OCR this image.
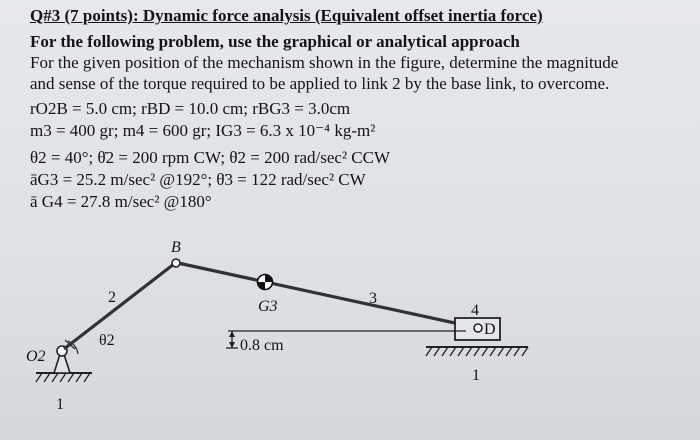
Q#3 (7 points): Dynamic force analysis (Equivalent offset inertia force)
For the following problem, use the graphical or analytical approach
For the given position of the mechanism shown in the figure, determine the magnitude
and sense of the torque required to be applied to link 2 by the base link, to overcome.
rO2B = 5.0 cm; rBD = 10.0 cm; rBG3 = 3.0cm
m3 = 400 gr; m4 = 600 gr; IG3 = 6.3 x 10⁻⁴ kg-m²
θ2 = 40°; θ̇2 = 200 rpm CW; θ̈2 = 200 rad/sec² CCW
āG3 = 25.2 m/sec² @192°; θ̈3 = 122 rad/sec² CW
ā G4 = 27.8 m/sec² @180°
B
2	3
4
G3
θ2
O2
D
1
1
0.8 cm
